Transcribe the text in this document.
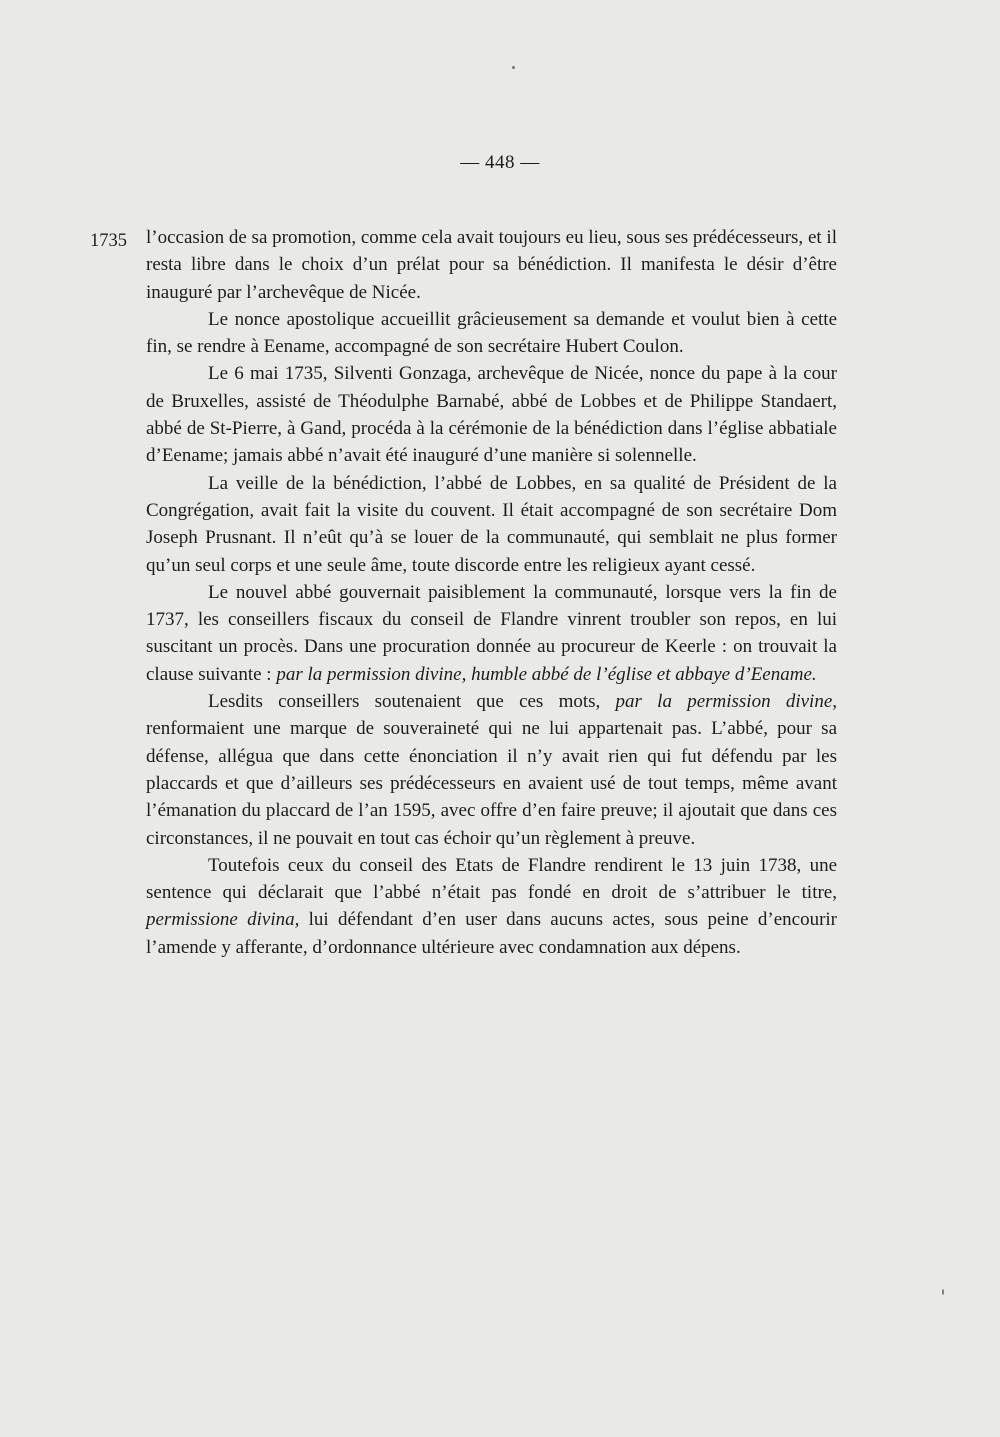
— 448 —
1735 l’occasion de sa promotion, comme cela avait toujours eu lieu, sous ses prédécesseurs, et il resta libre dans le choix d’un prélat pour sa bénédiction. Il manifesta le désir d’être inauguré par l’archevêque de Nicée.

Le nonce apostolique accueillit grâcieusement sa demande et voulut bien à cette fin, se rendre à Eename, accompagné de son secrétaire Hubert Coulon.

Le 6 mai 1735, Silventi Gonzaga, archevêque de Nicée, nonce du pape à la cour de Bruxelles, assisté de Théodulphe Barnabé, abbé de Lobbes et de Philippe Standaert, abbé de St-Pierre, à Gand, procéda à la cérémonie de la bénédiction dans l’église abbatiale d’Eename; jamais abbé n’avait été inauguré d’une manière si solennelle.

La veille de la bénédiction, l’abbé de Lobbes, en sa qualité de Président de la Congrégation, avait fait la visite du couvent. Il était accompagné de son secrétaire Dom Joseph Prusnant. Il n’eût qu’à se louer de la communauté, qui semblait ne plus former qu’un seul corps et une seule âme, toute discorde entre les religieux ayant cessé.

Le nouvel abbé gouvernait paisiblement la communauté, lorsque vers la fin de 1737, les conseillers fiscaux du conseil de Flandre vinrent troubler son repos, en lui suscitant un procès. Dans une procuration donnée au procureur de Keerle : on trouvait la clause suivante : par la permission divine, humble abbé de l’église et abbaye d’Eename.

Lesdits conseillers soutenaient que ces mots, par la permission divine, renformaient une marque de souveraineté qui ne lui appartenait pas. L’abbé, pour sa défense, allégua que dans cette énonciation il n’y avait rien qui fut défendu par les placcards et que d’ailleurs ses prédécesseurs en avaient usé de tout temps, même avant l’émanation du placcard de l’an 1595, avec offre d’en faire preuve; il ajoutait que dans ces circonstances, il ne pouvait en tout cas échoir qu’un règlement à preuve.

Toutefois ceux du conseil des Etats de Flandre rendirent le 13 juin 1738, une sentence qui déclarait que l’abbé n’était pas fondé en droit de s’attribuer le titre, permissione divina, lui défendant d’en user dans aucuns actes, sous peine d’encourir l’amende y afferante, d’ordonnance ultérieure avec condamnation aux dépens.
